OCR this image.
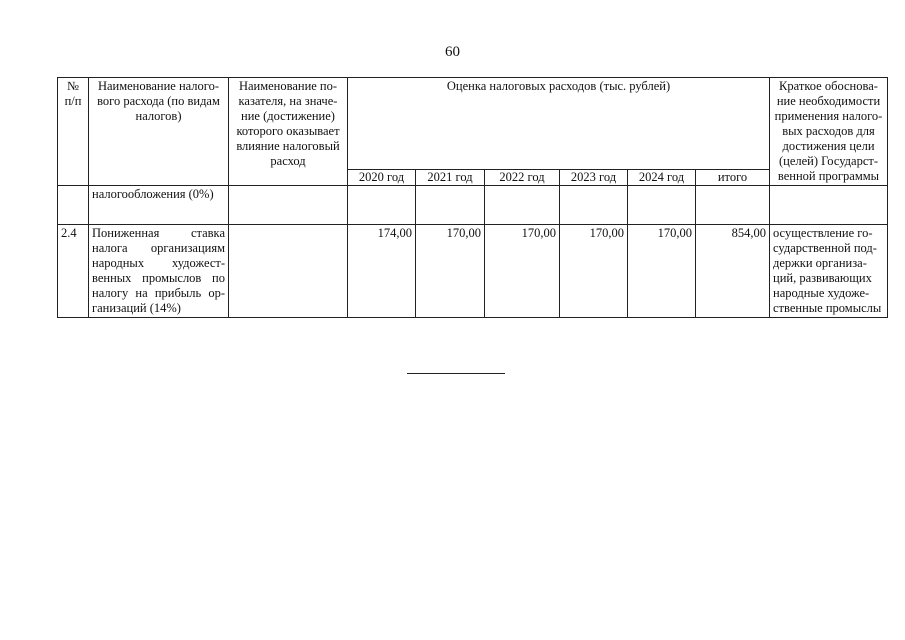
60
№ п/п	Наименование налого-вого расхода (по видам налогов)	Наименование по-казателя, на значе-ние (достижение) которого оказывает влияние налоговый расход	Оценка налоговых расходов (тыс. рублей)						Краткое обоснова-ние необходимости применения налого-вых расходов для достижения цели (целей) Государст-венной программы
			2020 год	2021 год	2022 год	2023 год	2024 год	итого	
	налогообложения (0%)								
2.4	Пониженная ставка налога организациям народных художест-венных промыслов по налогу на прибыль ор-ганизаций (14%)		174,00	170,00	170,00	170,00	170,00	854,00	осуществление го-сударственной под-держки организа-ций, развивающих народные художе-ственные промыслы
